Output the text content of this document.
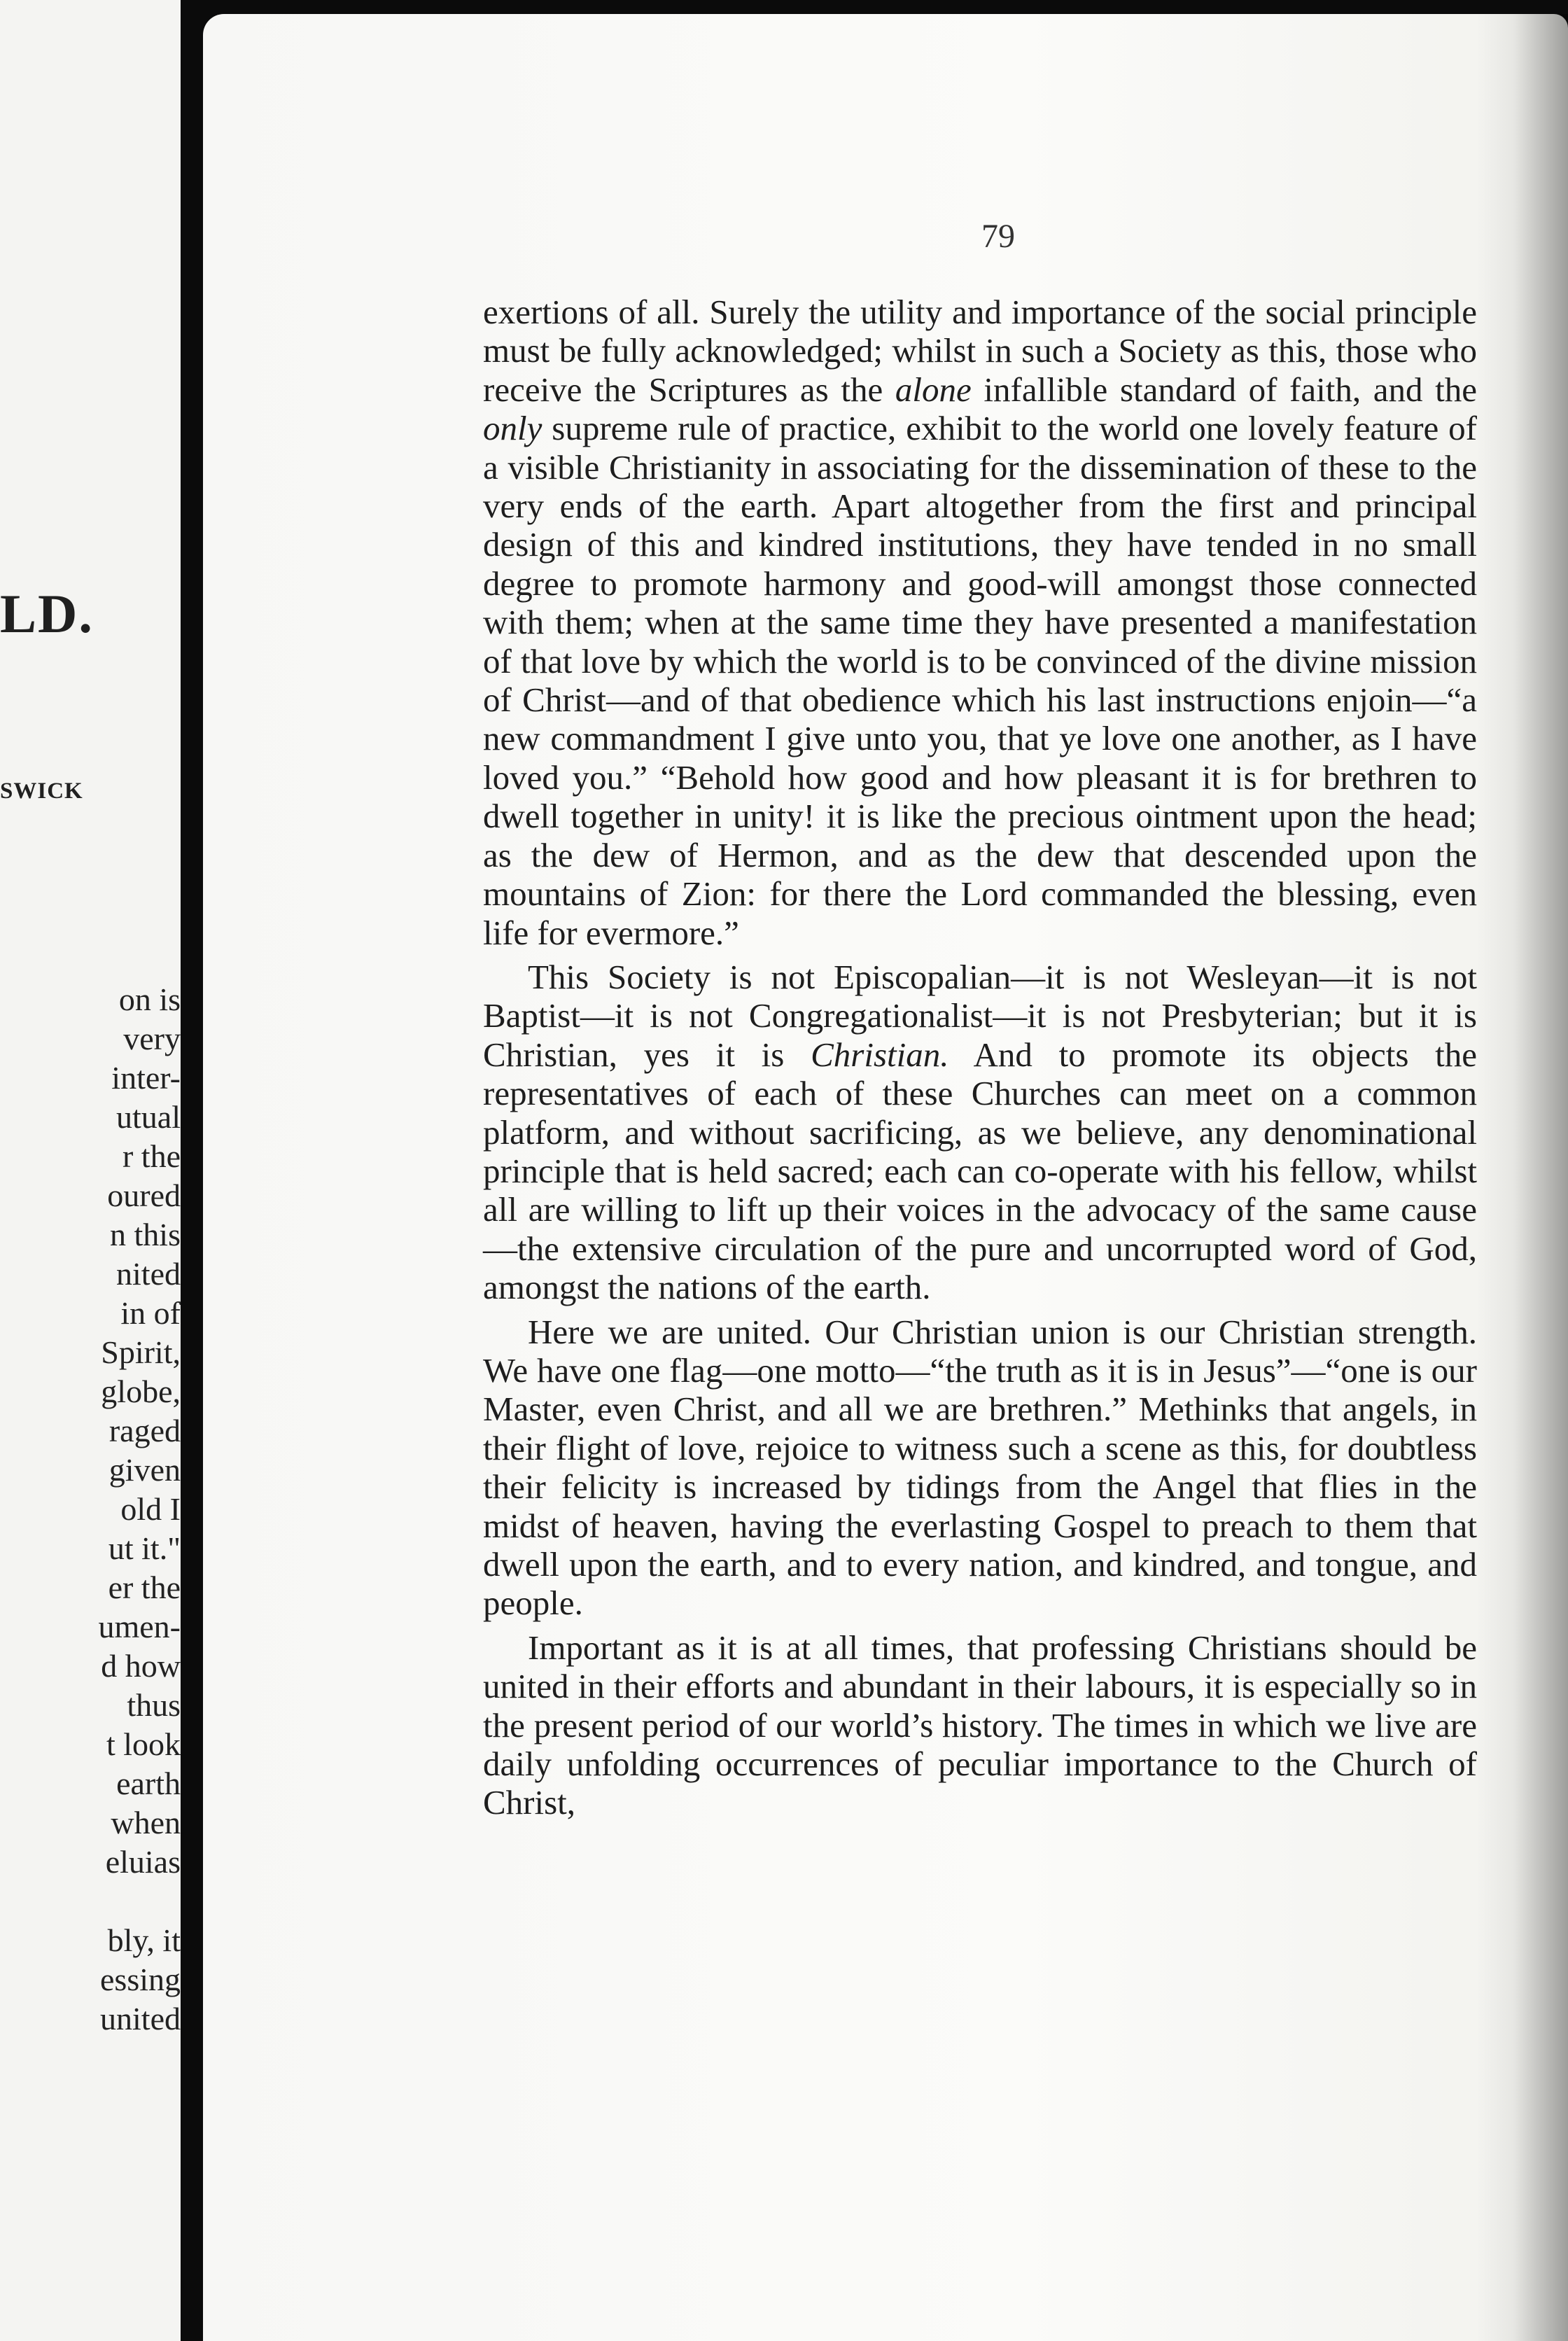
LD.
SWICK
on is
very
inter-
utual
r the
oured
n this
nited
in of
Spirit,
globe,
raged
given
old I
ut it."
er the
umen-
d how
thus
t look
earth
when
eluias

bly, it
essing
united
79

exertions of all. Surely the utility and importance of the social principle must be fully acknowledged; whilst in such a Society as this, those who receive the Scriptures as the alone infallible standard of faith, and the only supreme rule of practice, exhibit to the world one lovely feature of a visible Christianity in associating for the dissemination of these to the very ends of the earth. Apart altogether from the first and principal design of this and kindred institutions, they have tended in no small degree to promote harmony and good-will amongst those connected with them; when at the same time they have presented a manifestation of that love by which the world is to be convinced of the divine mission of Christ—and of that obedience which his last instructions enjoin—“a new commandment I give unto you, that ye love one another, as I have loved you.” “Behold how good and how pleasant it is for brethren to dwell together in unity! it is like the precious ointment upon the head; as the dew of Hermon, and as the dew that descended upon the mountains of Zion: for there the Lord commanded the blessing, even life for evermore.”

This Society is not Episcopalian—it is not Wesleyan—it is not Baptist—it is not Congregationalist—it is not Presbyterian; but it is Christian, yes it is Christian. And to promote its objects the representatives of each of these Churches can meet on a common platform, and without sacrificing, as we believe, any denominational principle that is held sacred; each can co-operate with his fellow, whilst all are willing to lift up their voices in the advocacy of the same cause—the extensive circulation of the pure and uncorrupted word of God, amongst the nations of the earth.

Here we are united. Our Christian union is our Christian strength. We have one flag—one motto—“the truth as it is in Jesus”—“one is our Master, even Christ, and all we are brethren.” Methinks that angels, in their flight of love, rejoice to witness such a scene as this, for doubtless their felicity is increased by tidings from the Angel that flies in the midst of heaven, having the everlasting Gospel to preach to them that dwell upon the earth, and to every nation, and kindred, and tongue, and people.

Important as it is at all times, that professing Christians should be united in their efforts and abundant in their labours, it is especially so in the present period of our world’s history. The times in which we live are daily unfolding occurrences of peculiar importance to the Church of Christ,
